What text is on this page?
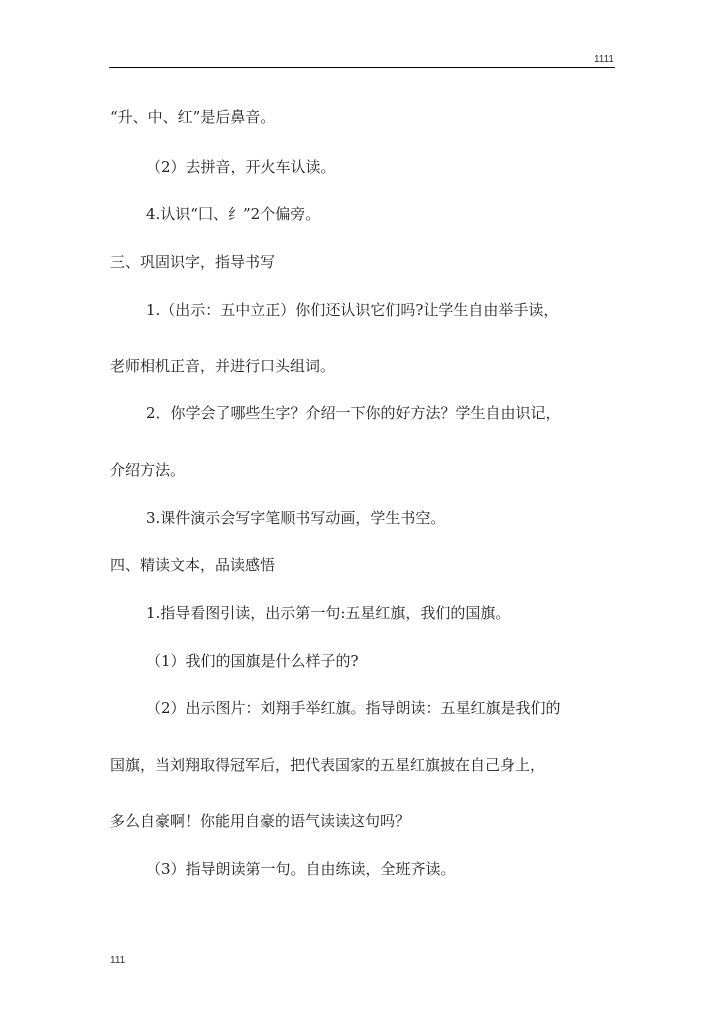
1111
“升、中、红”是后鼻音。
（2）去拼音，开火车认读。
4.认识“囗、纟”2个偏旁。
三、巩固识字，指导书写
1.（出示：五中立正）你们还认识它们吗?让学生自由举手读，
老师相机正音，并进行口头组词。
2．你学会了哪些生字？介绍一下你的好方法？学生自由识记，
介绍方法。
3.课件演示会写字笔顺书写动画，学生书空。
四、精读文本，品读感悟
1.指导看图引读，出示第一句:五星红旗，我们的国旗。
（1）我们的国旗是什么样子的?
（2）出示图片：刘翔手举红旗。指导朗读：五星红旗是我们的
国旗，当刘翔取得冠军后，把代表国家的五星红旗披在自己身上，
多么自豪啊！你能用自豪的语气读读这句吗？
（3）指导朗读第一句。自由练读，全班齐读。
111
